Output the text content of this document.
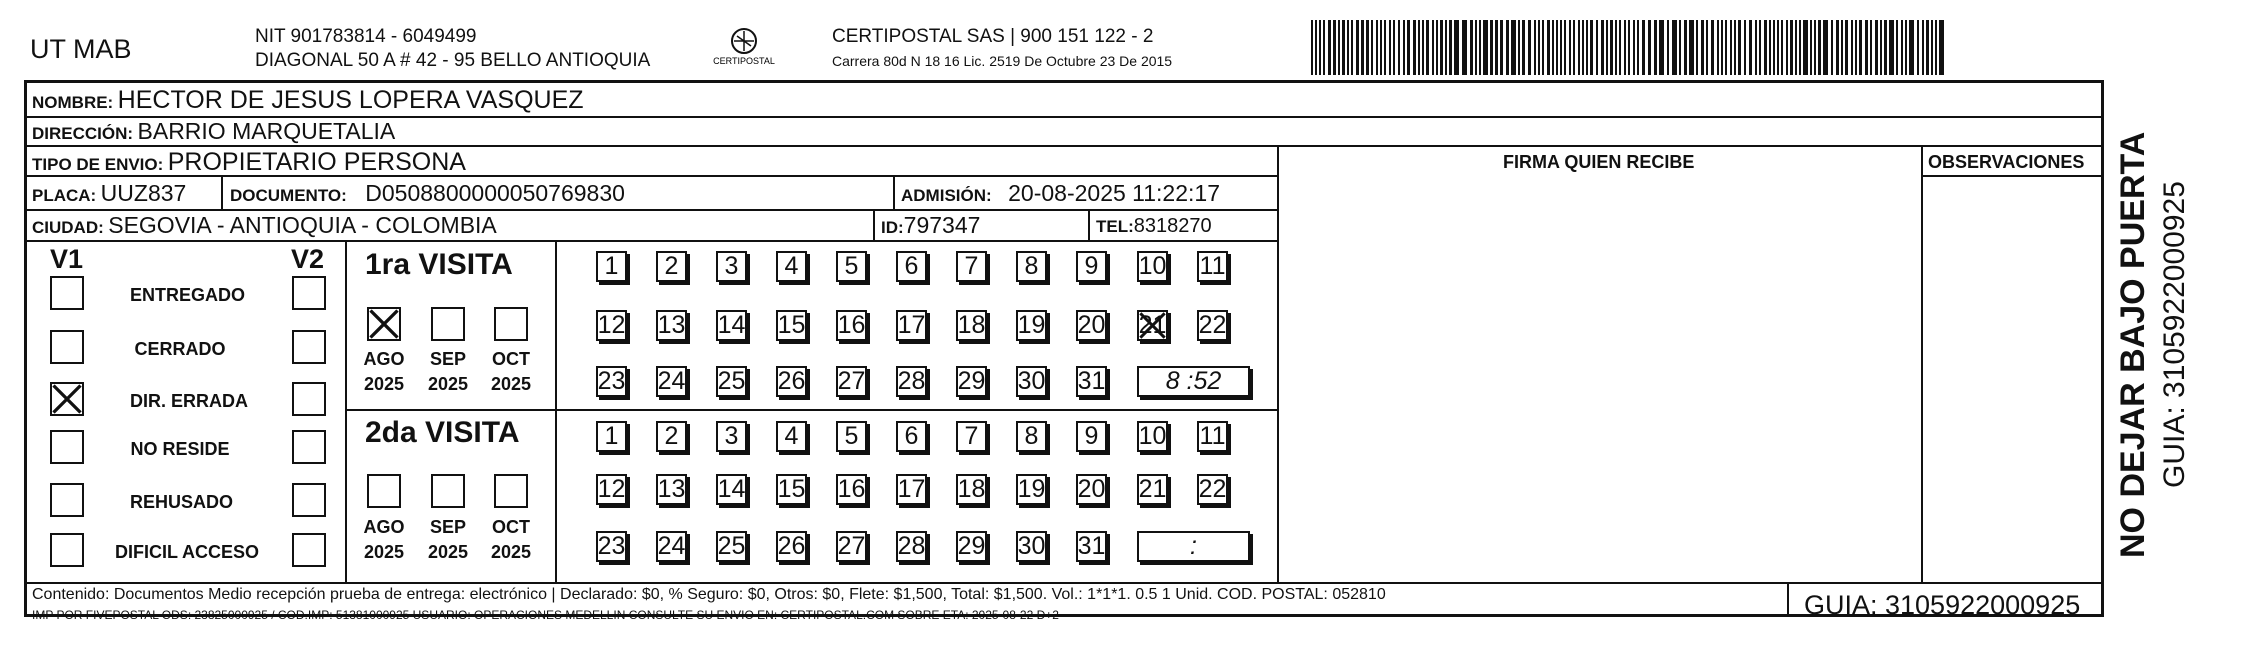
UT MAB	NIT 901783814 - 6049499
DIAGONAL 50 A # 42 - 95 BELLO ANTIOQUIA	CERTIPOSTAL
CERTIPOSTAL SAS | 900 151 122 - 2
Carrera 80d N 18 16 Lic. 2519 De Octubre 23 De 2015
NOMBRE: HECTOR DE JESUS LOPERA VASQUEZ
DIRECCIÓN: BARRIO MARQUETALIA
TIPO DE ENVIO: PROPIETARIO PERSONA
PLACA: UUZ837	DOCUMENTO: D0508800000050769830	ADMISIÓN: 20-08-2025 11:22:17
CIUDAD: SEGOVIA - ANTIOQUIA - COLOMBIA	ID:797347	TEL:8318270
FIRMA QUIEN RECIBE	OBSERVACIONES
V1	V2
ENTREGADO
CERRADO
DIR. ERRADA
NO RESIDE
REHUSADO
DIFICIL ACCESO
1ra VISITA
AGO
2025
SEP
2025
OCT
2025
1 2 3 4 5 6 7 8 9 10 11
12 13 14 15 16 17 18 19 20 21 22
23 24 25 26 27 28 29 30 31 8 :52
2da VISITA
AGO
2025
SEP
2025
OCT
2025
1 2 3 4 5 6 7 8 9 10 11
12 13 14 15 16 17 18 19 20 21 22
23 24 25 26 27 28 29 30 31	:
Contenido: Documentos Medio recepción prueba de entrega: electrónico | Declarado: $0, % Seguro: $0, Otros: $0, Flete: $1,500, Total: $1,500. Vol.: 1*1*1. 0.5 1 Unid. COD. POSTAL: 052810
IMP POR FIVEPOSTAL ODS: 23825000925 / COD.IMP: 51381000925 USUARIO: OPERACIONES MEDELLIN CONSULTE SU ENVIO EN: CERTIPOSTAL.COM SOBRE ETA: 2025-08-22 D+2	GUIA: 3105922000925
NO DEJAR BAJO PUERTA GUIA: 3105922000925
